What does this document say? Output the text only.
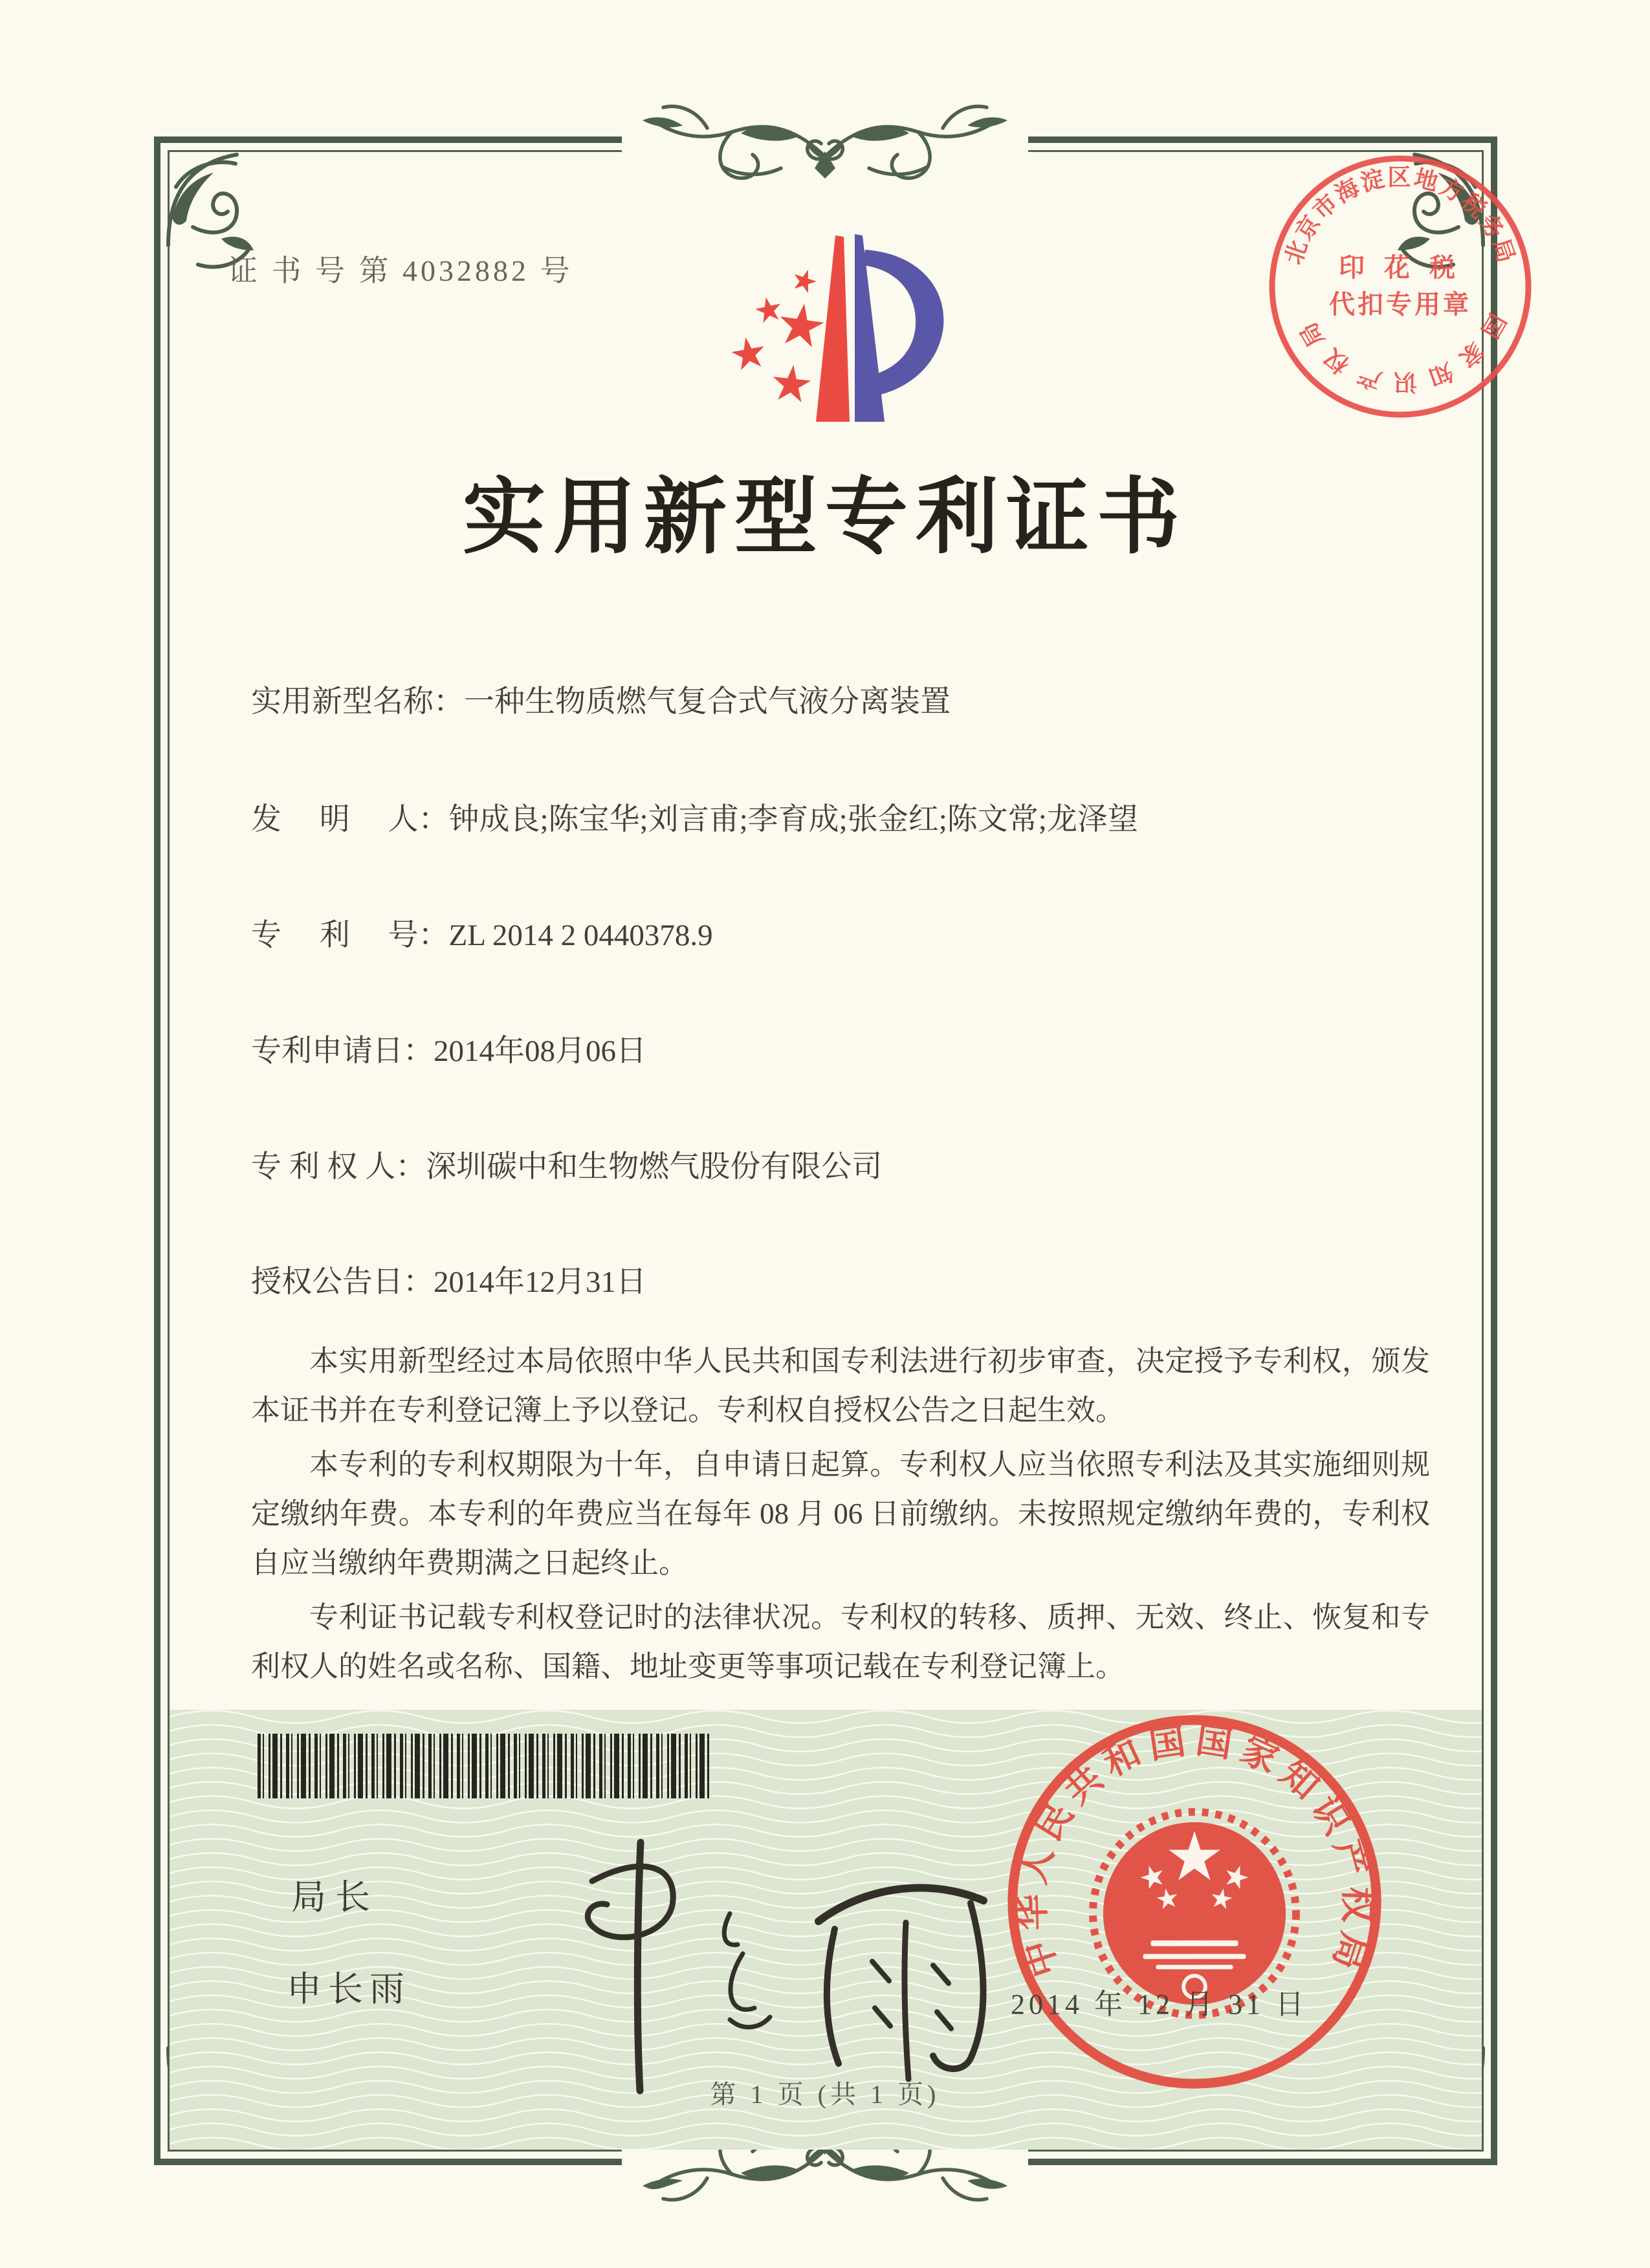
证 书 号 第 4032882 号
北京市海淀区地方税务局
国家知识产权局
印 花 税
代扣专用章
实用新型专利证书
实用新型名称：一种生物质燃气复合式气液分离装置
发　 明　 人：钟成良;陈宝华;刘言甫;李育成;张金红;陈文常;龙泽望
专　 利　 号：ZL 2014 2 0440378.9
专利申请日：2014年08月06日
专 利 权 人：深圳碳中和生物燃气股份有限公司
授权公告日：2014年12月31日

本实用新型经过本局依照中华人民共和国专利法进行初步审查，决定授予专利权，颁发本证书并在专利登记簿上予以登记。专利权自授权公告之日起生效。

本专利的专利权期限为十年，自申请日起算。专利权人应当依照专利法及其实施细则规定缴纳年费。本专利的年费应当在每年 08 月 06 日前缴纳。未按照规定缴纳年费的，专利权自应当缴纳年费期满之日起终止。

专利证书记载专利权登记时的法律状况。专利权的转移、质押、无效、终止、恢复和专利权人的姓名或名称、国籍、地址变更等事项记载在专利登记簿上。

局长
申长雨
中华人民共和国国家知识产权局
2014 年 12 月 31 日
第 1 页 (共 1 页)
